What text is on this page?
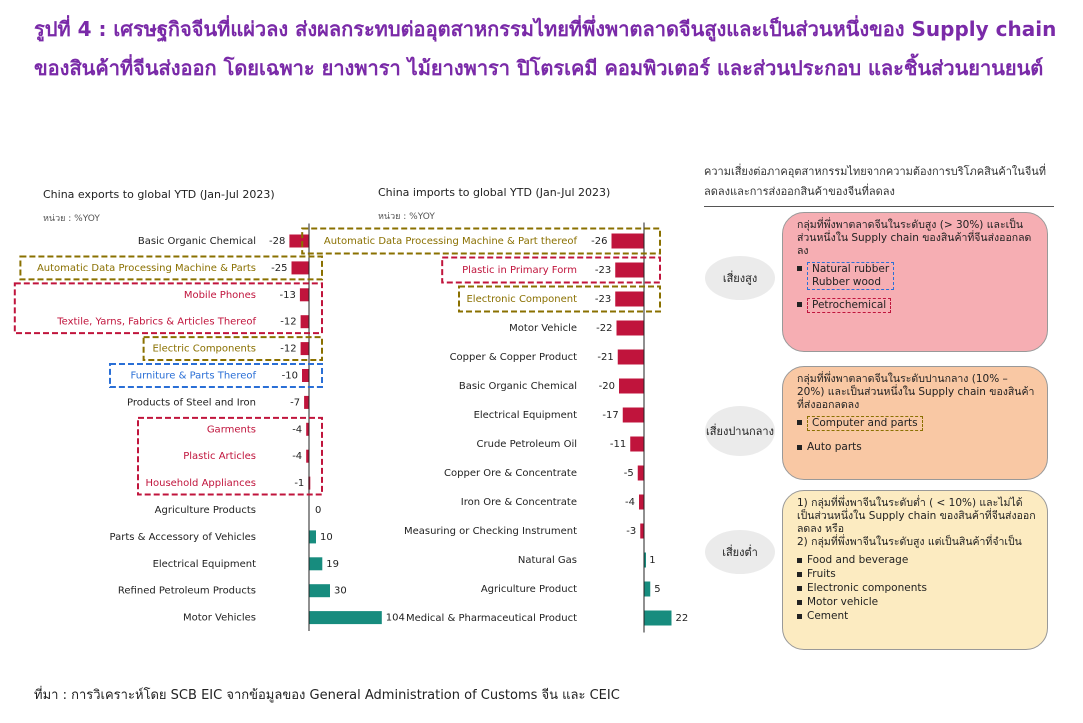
รูปที่ 4 : เศรษฐกิจจีนที่แผ่วลง ส่งผลกระทบต่ออุตสาหกรรมไทยที่พึ่งพาตลาดจีนสูงและเป็นส่วนหนึ่งของ Supply chain ของสินค้าที่จีนส่งออก โดยเฉพาะ ยางพารา ไม้ยางพารา ปิโตรเคมี คอมพิวเตอร์ และส่วนประกอบ และชิ้นส่วนยานยนต์
China exports to global YTD (Jan-Jul 2023)
หน่วย : %YOY
-28
Basic Organic Chemical
-25
Automatic Data Processing Machine & Parts
-13
Mobile Phones
-12
Textile, Yarns, Fabrics & Articles Thereof
-12
Electric Components
-10
Furniture & Parts Thereof
-7
Products of Steel and Iron
-4
Garments
-4
Plastic Articles
-1
Household Appliances
0
Agriculture Products
10
Parts & Accessory of Vehicles
19
Electrical Equipment
30
Refined Petroleum Products
104
Motor Vehicles
-26
Automatic Data Processing Machine & Part thereof
-23
Plastic in Primary Form
-23
Electronic Component
-22
Motor Vehicle
-21
Copper & Copper Product
-20
Basic Organic Chemical
-17
Electrical Equipment
-11
Crude Petroleum Oil
-5
Copper Ore & Concentrate
-4
Iron Ore & Concentrate
-3
Measuring or Checking Instrument
1
Natural Gas
5
Agriculture Product
22
Medical & Pharmaceutical Product
China imports to global YTD (Jan-Jul 2023)
หน่วย : %YOY
ความเสี่ยงต่อภาคอุตสาหกรรมไทยจากความต้องการบริโภคสินค้าในจีนที่ลดลงและการส่งออกสินค้าของจีนที่ลดลง
เสี่ยงสูง

กลุ่มที่พึ่งพาตลาดจีนในระดับสูง (> 30%) และเป็นส่วนหนึ่งใน Supply chain ของสินค้าที่จีนส่งออกลดลง

Natural rubber
Rubber wood
Petrochemical
เสี่ยงปานกลาง

กลุ่มที่พึ่งพาตลาดจีนในระดับปานกลาง (10% – 20%) และเป็นส่วนหนึ่งใน Supply chain ของสินค้าที่ส่งออกลดลง

Computer and parts
Auto parts
เสี่ยงต่ำ

1) กลุ่มที่พึ่งพาจีนในระดับต่ำ ( < 10%) และไม่ได้เป็นส่วนหนึ่งใน Supply chain ของสินค้าที่จีนส่งออกลดลง หรือ

2) กลุ่มที่พึ่งพาจีนในระดับสูง แต่เป็นสินค้าที่จำเป็น

Food and beverage
Fruits
Electronic components
Motor vehicle
Cement
ที่มา : การวิเคราะห์โดย SCB EIC จากข้อมูลของ General Administration of Customs จีน และ CEIC
